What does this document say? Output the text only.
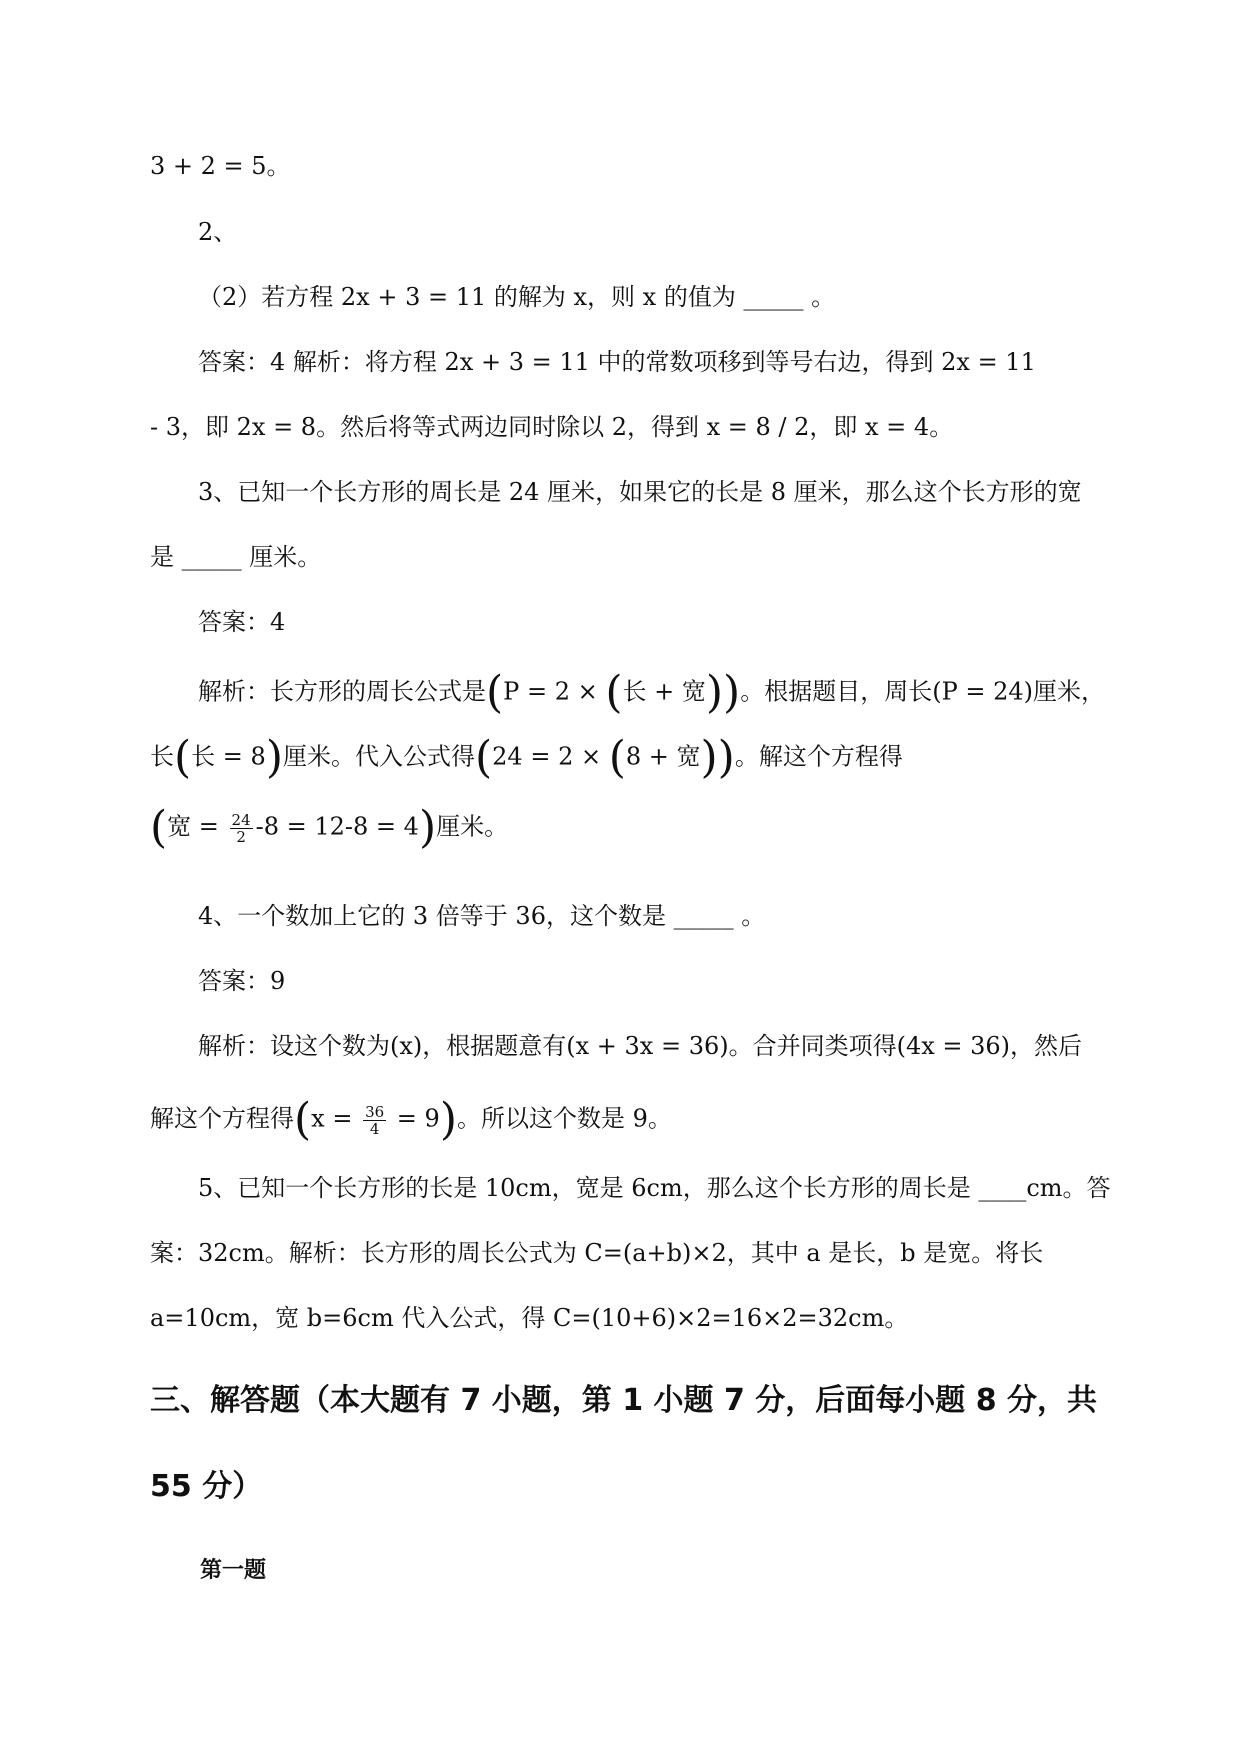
3 + 2 = 5。
2、
（2）若方程 2x + 3 = 11 的解为 x，则 x 的值为 _____ 。
答案：4 解析：将方程 2x + 3 = 11 中的常数项移到等号右边，得到 2x = 11
- 3，即 2x = 8。然后将等式两边同时除以 2，得到 x = 8 / 2，即 x = 4。
3、已知一个长方形的周长是 24 厘米，如果它的长是 8 厘米，那么这个长方形的宽
是 _____ 厘米。
答案：4
解析：长方形的周长公式是(P = 2 × (长 + 宽))。根据题目，周长(P = 24)厘米，
长(长 = 8)厘米。代入公式得(24 = 2 × (8 + 宽))。解这个方程得
(宽 = $\frac{24}{2} -8 = 12-8 = 4$)厘米。
4、一个数加上它的 3 倍等于 36，这个数是 _____ 。
答案：9
解析：设这个数为(x)，根据题意有(x + 3x = 36)。合并同类项得(4x = 36)，然后
解这个方程得$(x = \frac{36}{4} = 9)$。所以这个数是 9。
5、已知一个长方形的长是 10cm，宽是 6cm，那么这个长方形的周长是 ____cm。答
案：32cm。解析：长方形的周长公式为 C=(a+b)×2，其中 a 是长，b 是宽。将长
a=10cm，宽 b=6cm 代入公式，得 C=(10+6)×2=16×2=32cm。
三、解答题（本大题有 7 小题，第 1 小题 7 分，后面每小题 8 分，共
55 分）
第一题
